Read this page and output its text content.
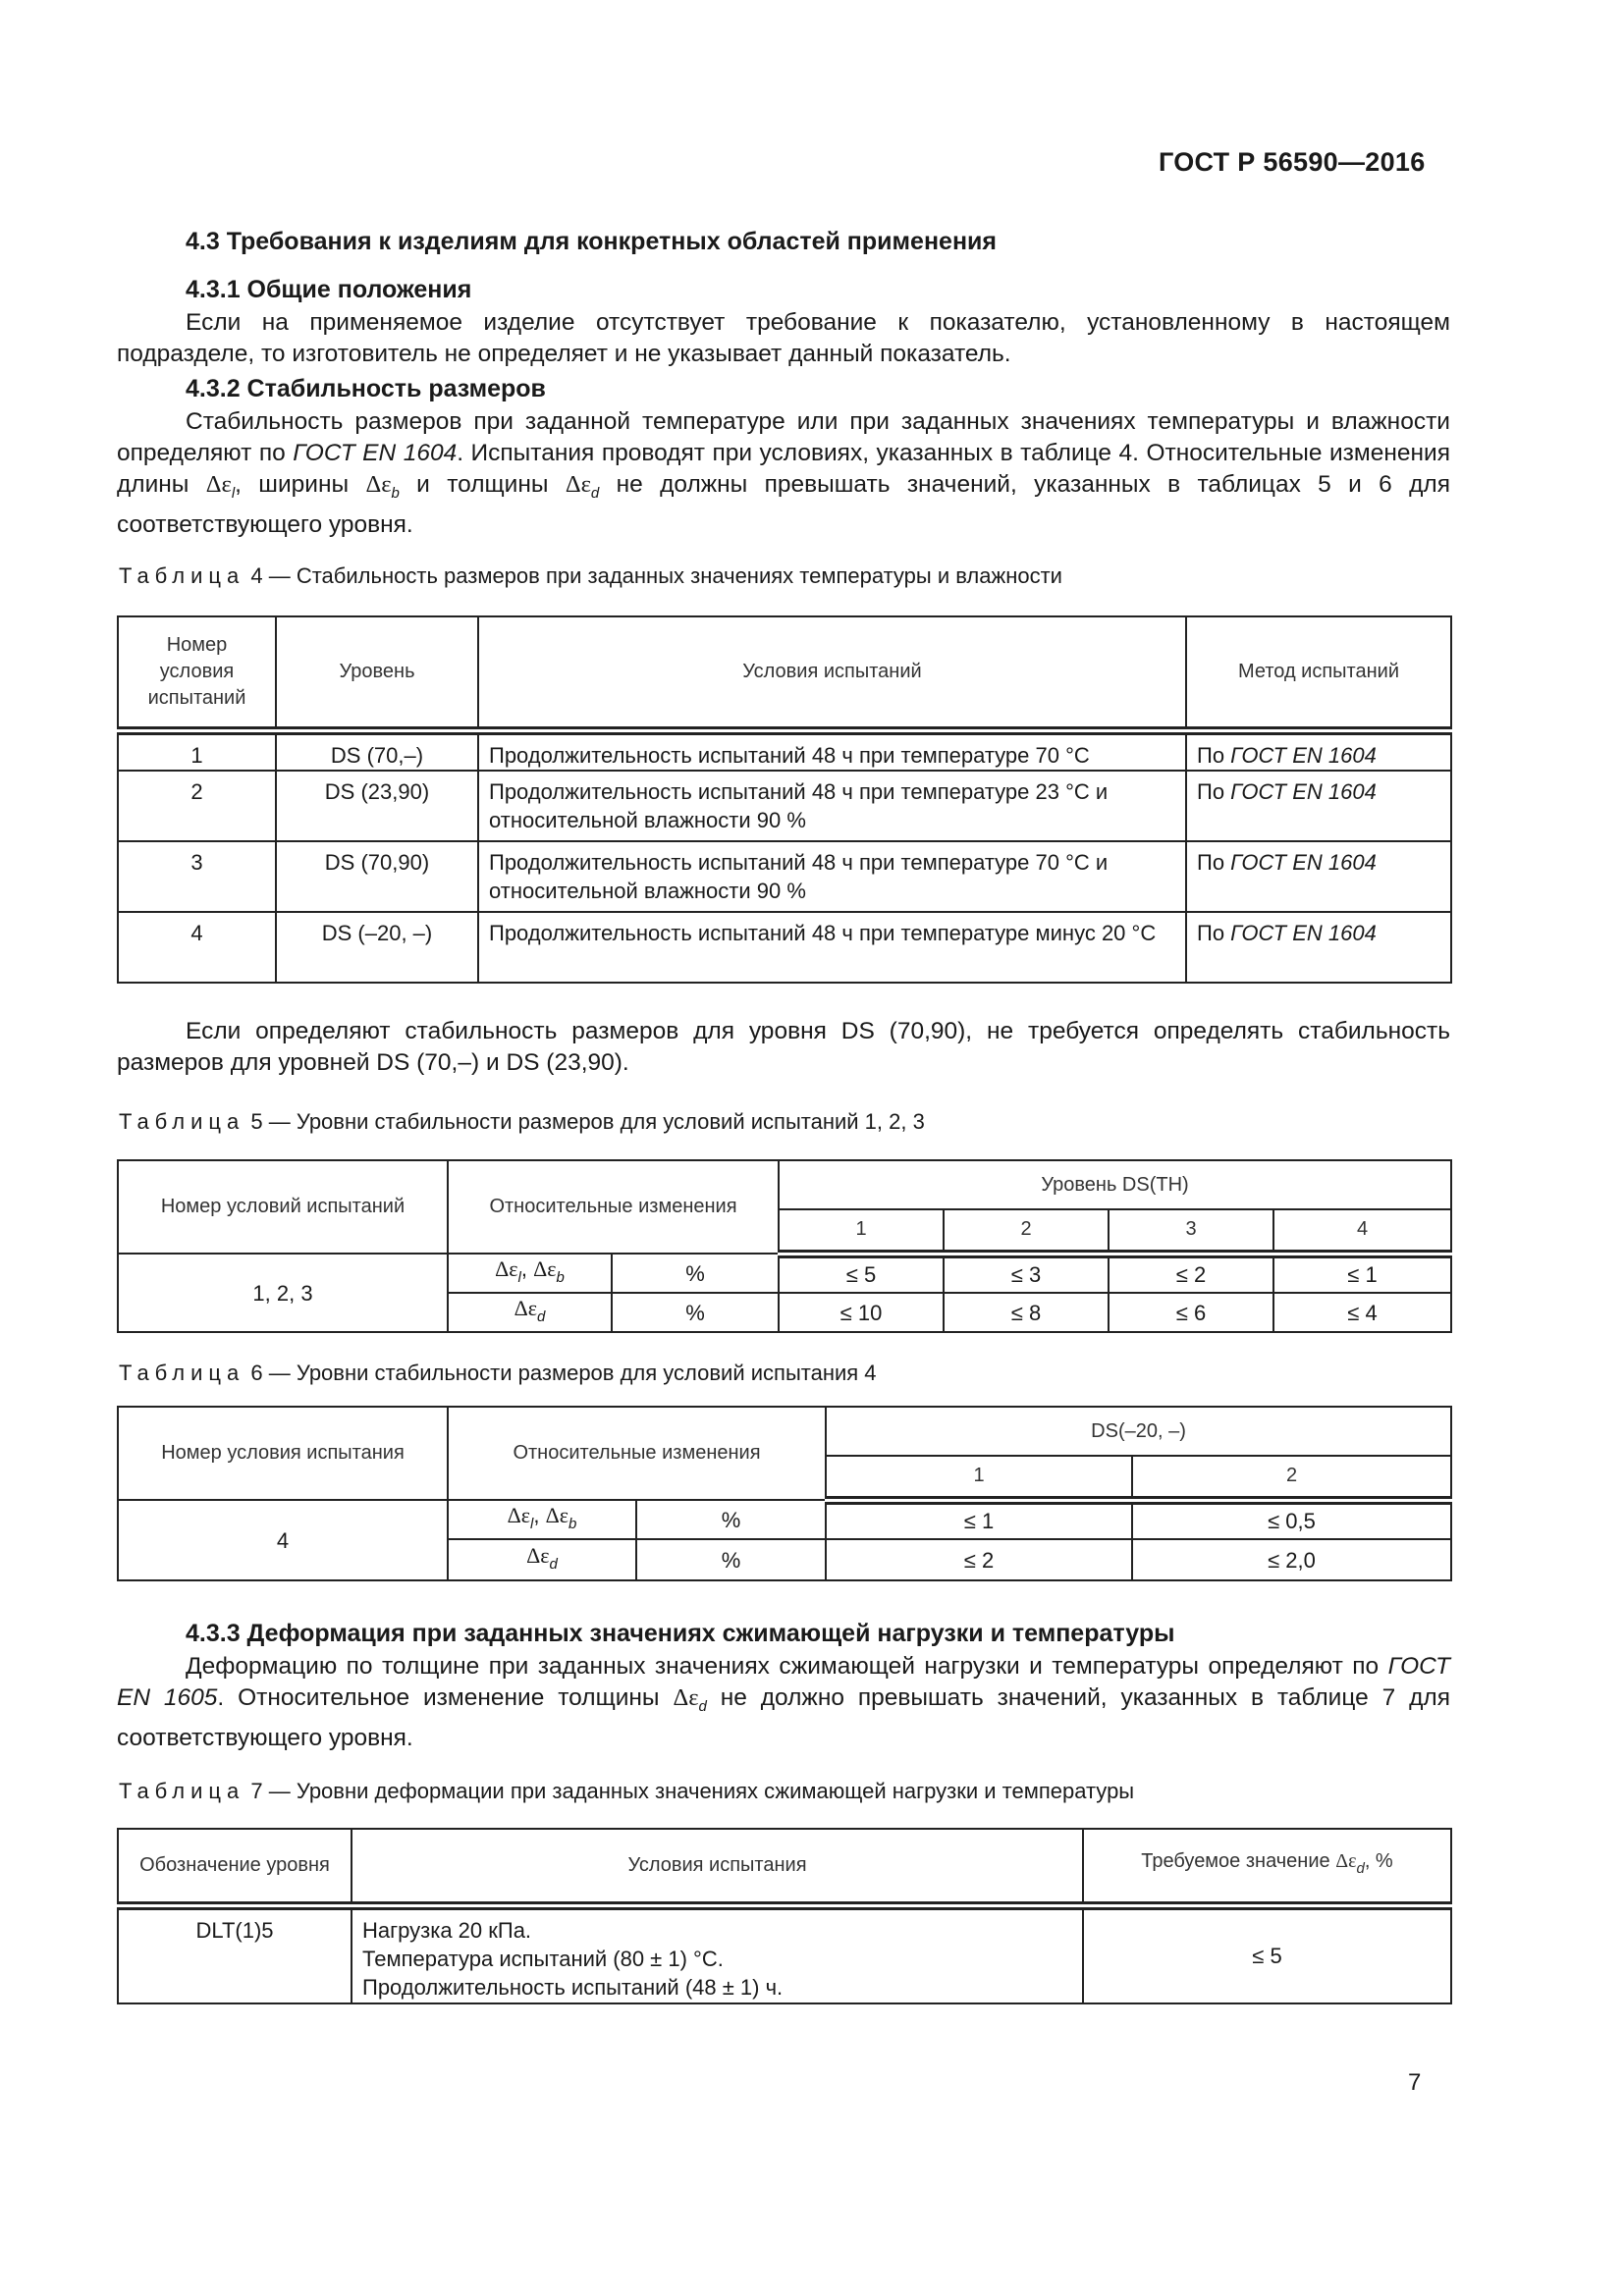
ГОСТ Р 56590—2016
4.3 Требования к изделиям для конкретных областей применения
4.3.1 Общие положения
Если на применяемое изделие отсутствует требование к показателю, установленному в настоящем подразделе, то изготовитель не определяет и не указывает данный показатель.
4.3.2 Стабильность размеров
Стабильность размеров при заданной температуре или при заданных значениях температуры и влажности определяют по ГОСТ EN 1604. Испытания проводят при условиях, указанных в таблице 4. Относительные изменения длины $\Delta\varepsilon_l$, ширины $\Delta\varepsilon_b$ и толщины $\Delta\varepsilon_d$ не должны превышать значений, указанных в таблицах 5 и 6 для соответствующего уровня.
Таблица 4 — Стабильность размеров при заданных значениях температуры и влажности
Номер условия испытаний	Уровень	Условия испытаний	Метод испытаний
1	DS (70,–)	Продолжительность испытаний 48 ч при температуре 70 °С	По ГОСТ EN 1604
2	DS (23,90)	Продолжительность испытаний 48 ч при температуре 23 °С и относительной влажности 90 %	По ГОСТ EN 1604
3	DS (70,90)	Продолжительность испытаний 48 ч при температуре 70 °С и относительной влажности 90 %	По ГОСТ EN 1604
4	DS (–20, –)	Продолжительность испытаний 48 ч при температуре минус 20 °С	По ГОСТ EN 1604
Если определяют стабильность размеров для уровня DS (70,90), не требуется определять стабильность размеров для уровней DS (70,–) и DS (23,90).
Таблица 5 — Уровни стабильности размеров для условий испытаний 1, 2, 3
Номер условий испытаний	Относительные изменения		Уровень DS(TH)			
			1	2	3	4
1, 2, 3	$\Delta\varepsilon_l$, $\Delta\varepsilon_b$	%	≤ 5	≤ 3	≤ 2	≤ 1
	$\Delta\varepsilon_d$	%	≤ 10	≤ 8	≤ 6	≤ 4
Таблица 6 — Уровни стабильности размеров для условий испытания 4
Номер условия испытания	Относительные изменения		DS(–20, –)	
			1	2
4	$\Delta\varepsilon_l$, $\Delta\varepsilon_b$	%	≤ 1	≤ 0,5
	$\Delta\varepsilon_d$	%	≤ 2	≤ 2,0
4.3.3 Деформация при заданных значениях сжимающей нагрузки и температуры
Деформацию по толщине при заданных значениях сжимающей нагрузки и температуры определяют по ГОСТ EN 1605. Относительное изменение толщины $\Delta\varepsilon_d$ не должно превышать значений, указанных в таблице 7 для соответствующего уровня.
Таблица 7 — Уровни деформации при заданных значениях сжимающей нагрузки и температуры
Обозначение уровня	Условия испытания	Требуемое значение $\Delta\varepsilon_d$, %
DLT(1)5	Нагрузка 20 кПа.
Температура испытаний (80 ± 1) °С.
Продолжительность испытаний (48 ± 1) ч.	≤ 5
7
